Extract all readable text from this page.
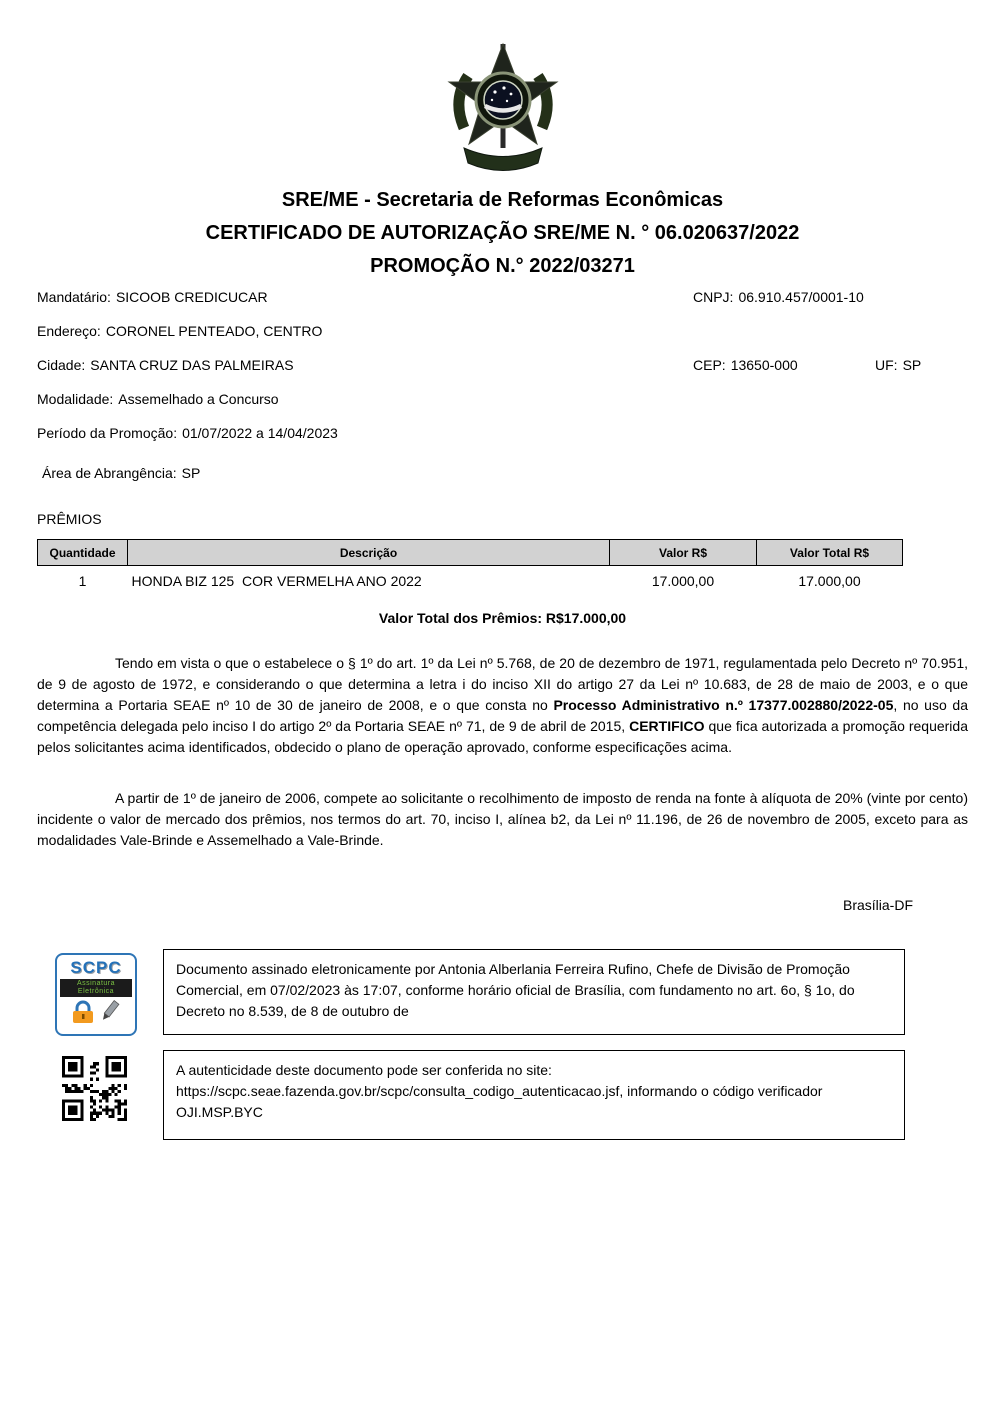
SRE/ME - Secretaria de Reformas Econômicas
CERTIFICADO DE AUTORIZAÇÃO SRE/ME N. ° 06.020637/2022
PROMOÇÃO N.° 2022/03271
Mandatário: SICOOB CREDICUCAR	CNPJ: 06.910.457/0001-10
Endereço: CORONEL PENTEADO, CENTRO
Cidade: SANTA CRUZ DAS PALMEIRAS	CEP: 13650-000	UF: SP
Modalidade: Assemelhado a Concurso
Período da Promoção: 01/07/2022 a 14/04/2023
Área de Abrangência: SP
PRÊMIOS
Quantidade	Descrição	Valor R$	Valor Total R$
1	HONDA BIZ 125  COR VERMELHA ANO 2022	17.000,00	17.000,00
Valor Total dos Prêmios: R$17.000,00

Tendo em vista o que o estabelece o § 1º do art. 1º da Lei nº 5.768, de 20 de dezembro de 1971, regulamentada pelo Decreto nº 70.951, de 9 de agosto de 1972, e considerando o que determina a letra i do inciso XII do artigo 27 da Lei nº 10.683, de 28 de maio de 2003, e o que determina a Portaria SEAE nº 10 de 30 de janeiro de 2008, e o que consta no Processo Administrativo n.º 17377.002880/2022-05, no uso da competência delegada pelo inciso I do artigo 2º da Portaria SEAE nº 71, de 9 de abril de 2015, CERTIFICO que fica autorizada a promoção requerida pelos solicitantes acima identificados, obdecido o plano de operação aprovado, conforme especificações acima.

A partir de 1º de janeiro de 2006, compete ao solicitante o recolhimento de imposto de renda na fonte à alíquota de 20% (vinte por cento) incidente o valor de mercado dos prêmios, nos termos do art. 70, inciso I, alínea b2, da Lei nº 11.196, de 26 de novembro de 2005, exceto para as modalidades Vale-Brinde e Assemelhado a Vale-Brinde.

Brasília-DF
SCPC
Assinatura
Eletrônica
Documento assinado eletronicamente por Antonia Alberlania Ferreira Rufino, Chefe de Divisão de Promoção Comercial, em 07/02/2023 às 17:07, conforme horário oficial de Brasília, com fundamento no art. 6o, § 1o, do Decreto no 8.539, de 8 de outubro de
A autenticidade deste documento pode ser conferida no site:
https://scpc.seae.fazenda.gov.br/scpc/consulta_codigo_autenticacao.jsf, informando o código verificador OJI.MSP.BYC
